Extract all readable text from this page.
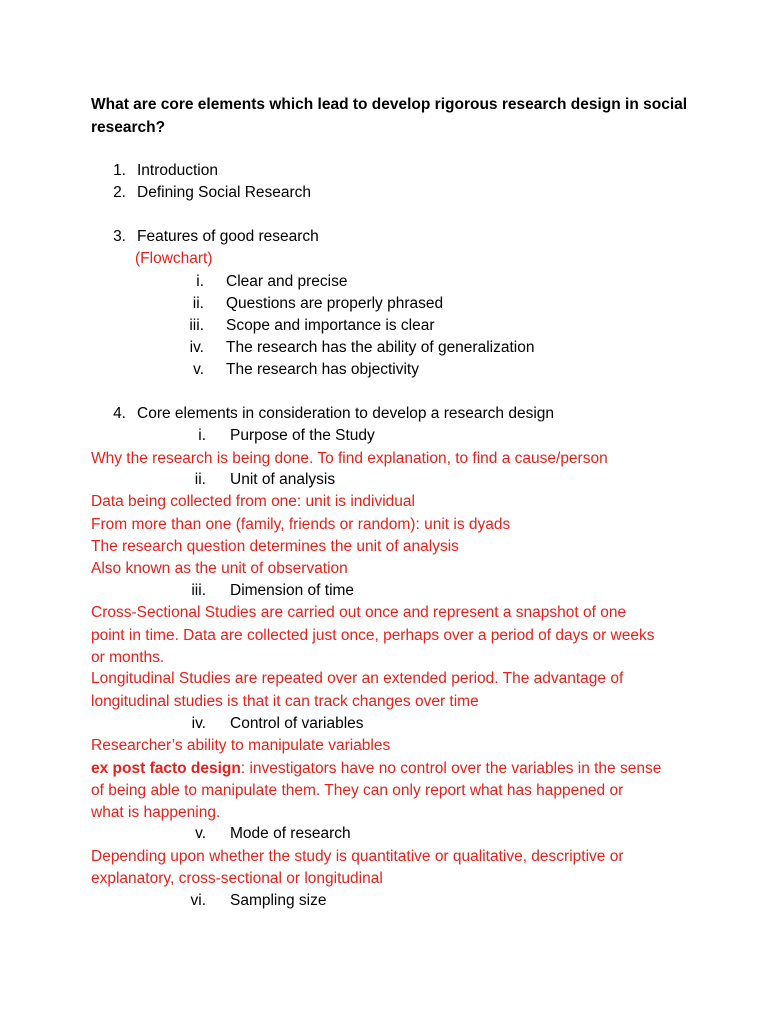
What are core elements which lead to develop rigorous research design in social
research?
1. Introduction
2. Defining Social Research
3. Features of good research
(Flowchart)
i. Clear and precise
ii. Questions are properly phrased
iii. Scope and importance is clear
iv. The research has the ability of generalization
v. The research has objectivity
4. Core elements in consideration to develop a research design
i. Purpose of the Study
Why the research is being done. To find explanation, to find a cause/person
ii. Unit of analysis
Data being collected from one: unit is individual
From more than one (family, friends or random): unit is dyads
The research question determines the unit of analysis
Also known as the unit of observation
iii. Dimension of time
Cross-Sectional Studies are carried out once and represent a snapshot of one
point in time. Data are collected just once, perhaps over a period of days or weeks
or months.
Longitudinal Studies are repeated over an extended period. The advantage of
longitudinal studies is that it can track changes over time
iv. Control of variables
Researcher’s ability to manipulate variables
ex post facto design: investigators have no control over the variables in the sense
of being able to manipulate them. They can only report what has happened or
what is happening.
v. Mode of research
Depending upon whether the study is quantitative or qualitative, descriptive or
explanatory, cross-sectional or longitudinal
vi. Sampling size
